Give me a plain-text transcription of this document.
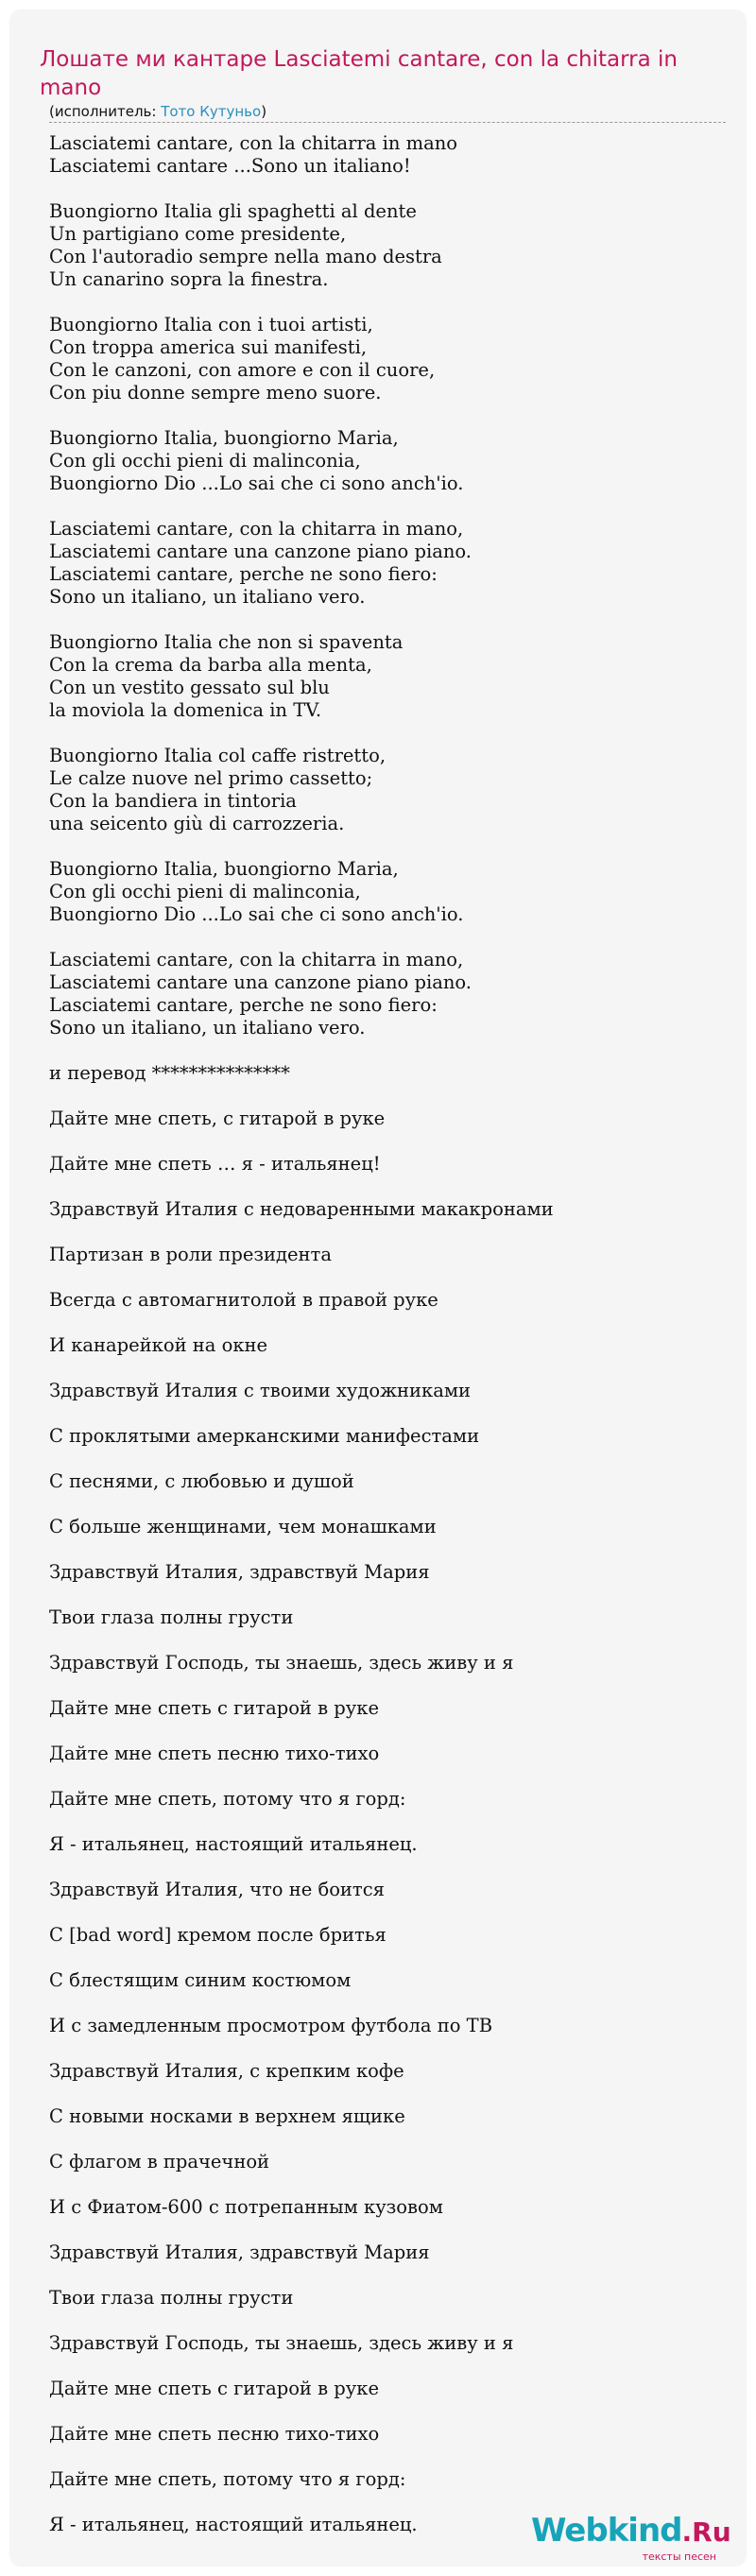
Лошате ми кантаре Lasciatemi cantare, con la chitarra in mano
(исполнитель: Тото Кутуньо)
Lasciatemi cantare, con la chitarra in mano
Lasciatemi cantare ...Sono un italiano!
Buongiorno Italia gli spaghetti al dente
Un partigiano come presidente,
Con l'autoradio sempre nella mano destra
Un canarino sopra la finestra.
Buongiorno Italia con i tuoi artisti,
Con troppa america sui manifesti,
Con le canzoni, con amore e con il cuore,
Con piu donne sempre meno suore.
Buongiorno Italia, buongiorno Maria,
Con gli occhi pieni di malinconia,
Buongiorno Dio ...Lo sai che ci sono anch'io.
Lasciatemi cantare, con la chitarra in mano,
Lasciatemi cantare una canzone piano piano.
Lasciatemi cantare, perche ne sono fiero:
Sono un italiano, un italiano vero.
Buongiorno Italia che non si spaventa
Con la crema da barba alla menta,
Con un vestito gessato sul blu
la moviola la domenica in TV.
Buongiorno Italia col caffe ristretto,
Le calze nuove nel primo cassetto;
Con la bandiera in tintoria
una seicento giù di carrozzeria.
Buongiorno Italia, buongiorno Maria,
Con gli occhi pieni di malinconia,
Buongiorno Dio ...Lo sai che ci sono anch'io.
Lasciatemi cantare, con la chitarra in mano,
Lasciatemi cantare una canzone piano piano.
Lasciatemi cantare, perche ne sono fiero:
Sono un italiano, un italiano vero.
и перевод ***************
Дайте мне спеть, с гитарой в руке
Дайте мне спеть … я - итальянец!
Здравствуй Италия с недоваренными макакронами
Партизан в роли президента
Всегда с автомагнитолой в правой руке
И канарейкой на окне
Здравствуй Италия с твоими художниками
С проклятыми амерканскими манифестами
С песнями, с любовью и душой
С больше женщинами, чем монашками
Здравствуй Италия, здравствуй Мария
Твои глаза полны грусти
Здравствуй Господь, ты знаешь, здесь живу и я
Дайте мне спеть с гитарой в руке
Дайте мне спеть песню тихо-тихо
Дайте мне спеть, потому что я горд:
Я - итальянец, настоящий итальянец.
Здравствуй Италия, что не боится
С [bad word] кремом после бритья
С блестящим синим костюмом
И с замедленным просмотром футбола по ТВ
Здравствуй Италия, с крепким кофе
С новыми носками в верхнем ящике
С флагом в прачечной
И с Фиатом-600 с потрепанным кузовом
Здравствуй Италия, здравствуй Мария
Твои глаза полны грусти
Здравствуй Господь, ты знаешь, здесь живу и я
Дайте мне спеть с гитарой в руке
Дайте мне спеть песню тихо-тихо
Дайте мне спеть, потому что я горд:
Я - итальянец, настоящий итальянец.	Webkind.Ru
тексты песен
